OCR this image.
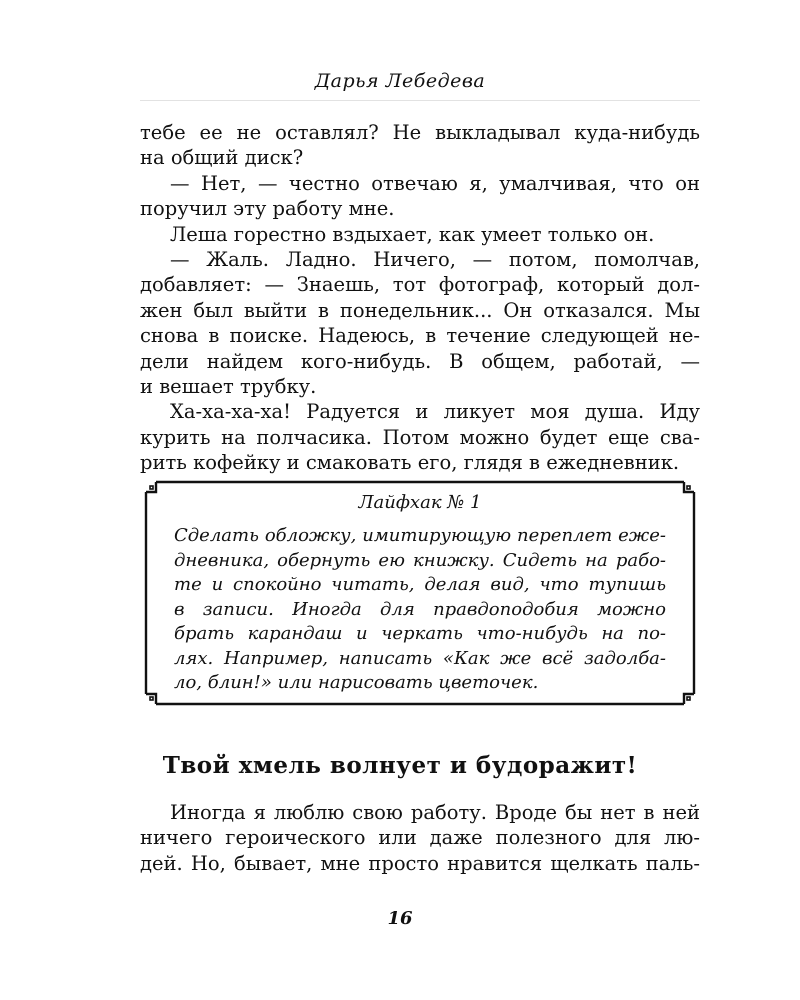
Дарья Лебедева

тебе ее не оставлял? Не выкладывал куда-нибудь
на общий диск?

— Нет, — честно отвечаю я, умалчивая, что он
поручил эту работу мне.

Леша горестно вздыхает, как умеет только он.

— Жаль. Ладно. Ничего, — потом, помолчав,
добавляет: — Знаешь, тот фотограф, который дол-
жен был выйти в понедельник... Он отказался. Мы
снова в поиске. Надеюсь, в течение следующей не-
дели найдем кого-нибудь. В общем, работай, —
и вешает трубку.

Ха-ха-ха-ха! Радуется и ликует моя душа. Иду
курить на полчасика. Потом можно будет еще сва-
рить кофейку и смаковать его, глядя в ежедневник.

Лайфхак № 1
Сделать обложку, имитирующую переплет еже-
дневника, обернуть ею книжку. Сидеть на рабо-
те и спокойно читать, делая вид, что тупишь
в записи. Иногда для правдоподобия можно
брать карандаш и черкать что-нибудь на по-
лях. Например, написать «Как же всё задолба-
ло, блин!» или нарисовать цветочек.
Твой хмель волнует и будоражит!

Иногда я люблю свою работу. Вроде бы нет в ней
ничего героического или даже полезного для лю-
дей. Но, бывает, мне просто нравится щелкать паль-

16
